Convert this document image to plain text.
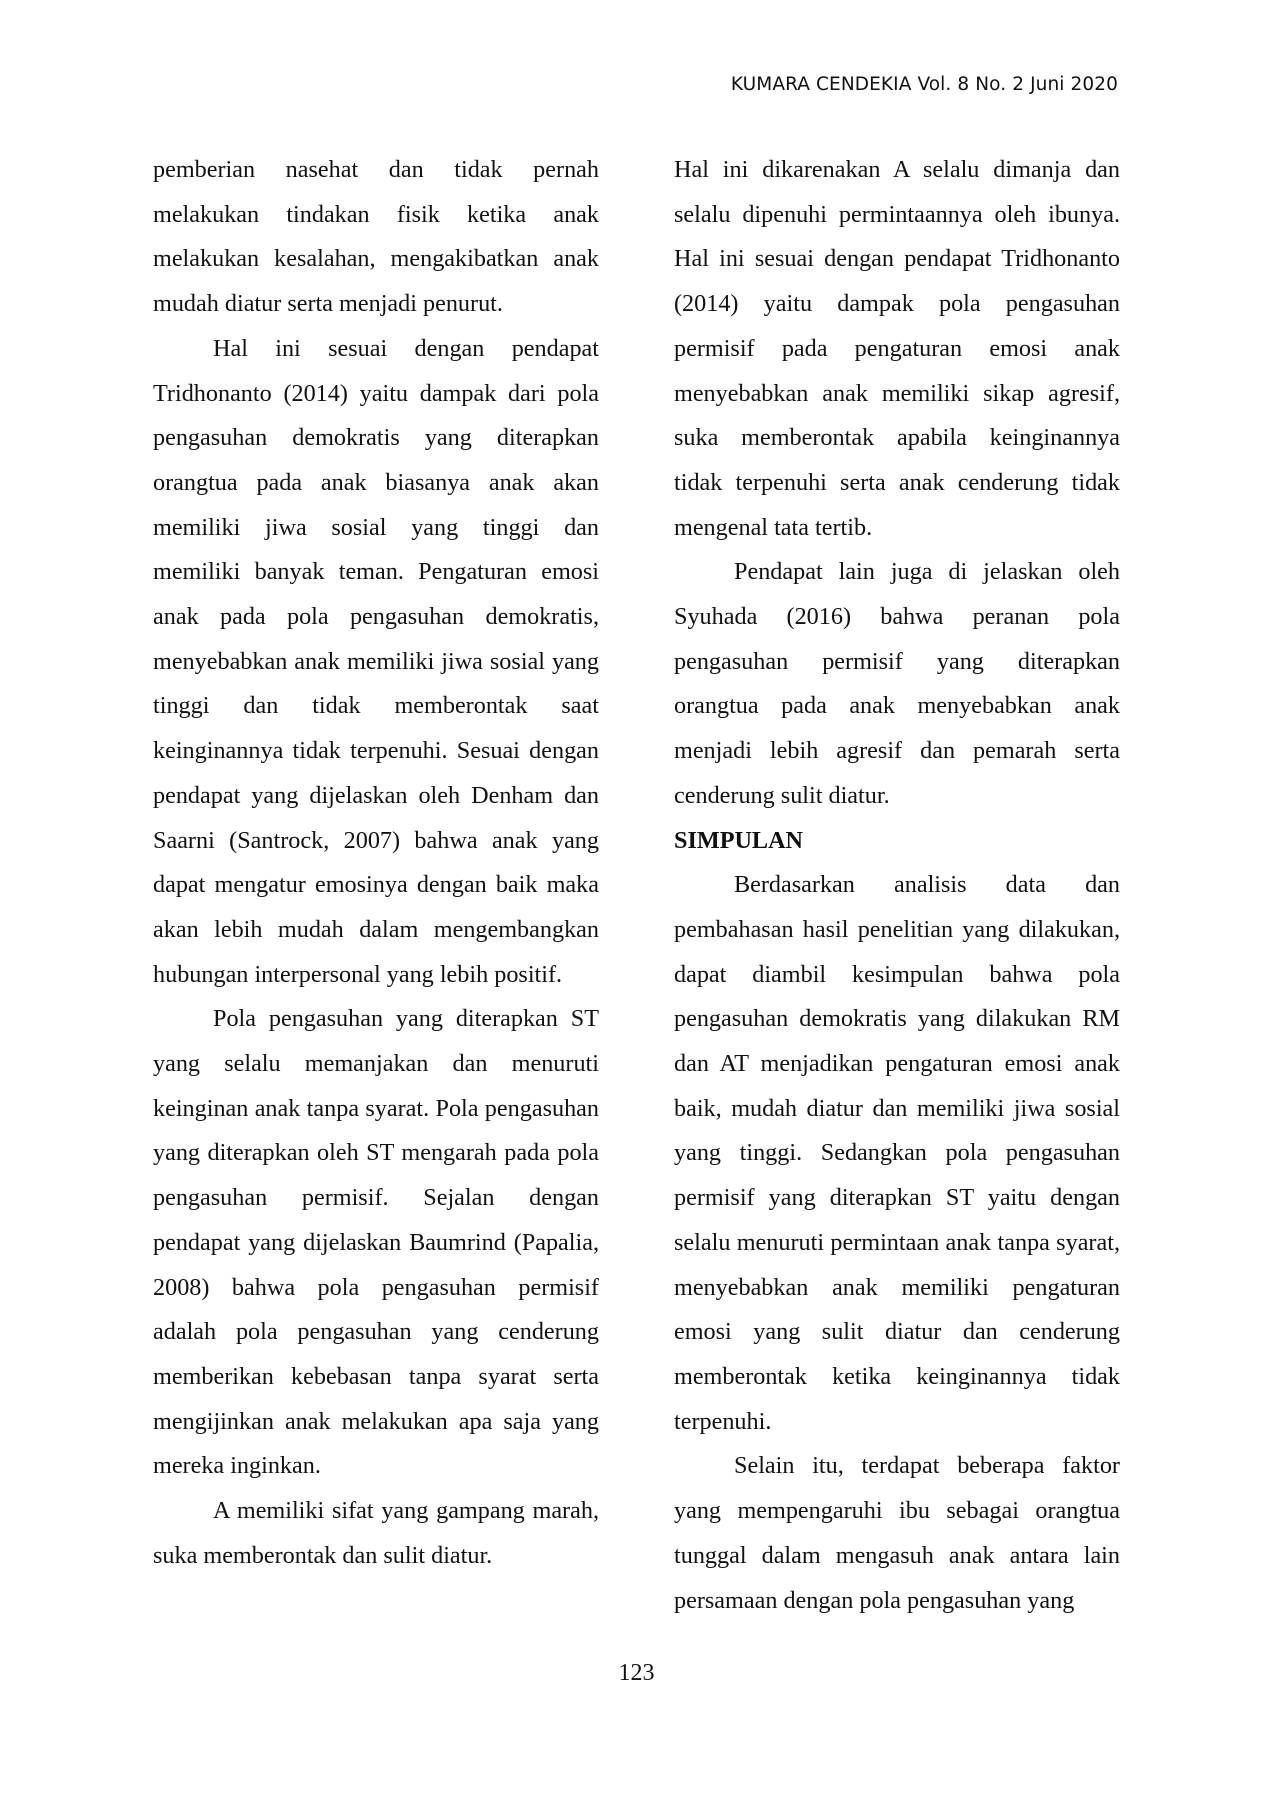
KUMARA CENDEKIA Vol. 8 No. 2 Juni 2020

pemberian nasehat dan tidak pernah melakukan tindakan fisik ketika anak melakukan kesalahan, mengakibatkan anak mudah diatur serta menjadi penurut.

Hal ini sesuai dengan pendapat Tridhonanto (2014) yaitu dampak dari pola pengasuhan demokratis yang diterapkan orangtua pada anak biasanya anak akan memiliki jiwa sosial yang tinggi dan memiliki banyak teman. Pengaturan emosi anak pada pola pengasuhan demokratis, menyebabkan anak memiliki jiwa sosial yang tinggi dan tidak memberontak saat keinginannya tidak terpenuhi. Sesuai dengan pendapat yang dijelaskan oleh Denham dan Saarni (Santrock, 2007) bahwa anak yang dapat mengatur emosinya dengan baik maka akan lebih mudah dalam mengembangkan hubungan interpersonal yang lebih positif.

Pola pengasuhan yang diterapkan ST yang selalu memanjakan dan menuruti keinginan anak tanpa syarat. Pola pengasuhan yang diterapkan oleh ST mengarah pada pola pengasuhan permisif. Sejalan dengan pendapat yang dijelaskan Baumrind (Papalia, 2008) bahwa pola pengasuhan permisif adalah pola pengasuhan yang cenderung memberikan kebebasan tanpa syarat serta mengijinkan anak melakukan apa saja yang mereka inginkan.

A memiliki sifat yang gampang marah, suka memberontak dan sulit diatur.

Hal ini dikarenakan A selalu dimanja dan selalu dipenuhi permintaannya oleh ibunya. Hal ini sesuai dengan pendapat Tridhonanto (2014) yaitu dampak pola pengasuhan permisif pada pengaturan emosi anak menyebabkan anak memiliki sikap agresif, suka memberontak apabila keinginannya tidak terpenuhi serta anak cenderung tidak mengenal tata tertib.

Pendapat lain juga di jelaskan oleh Syuhada (2016) bahwa peranan pola pengasuhan permisif yang diterapkan orangtua pada anak menyebabkan anak menjadi lebih agresif dan pemarah serta cenderung sulit diatur.

SIMPULAN

Berdasarkan analisis data dan pembahasan hasil penelitian yang dilakukan, dapat diambil kesimpulan bahwa pola pengasuhan demokratis yang dilakukan RM dan AT menjadikan pengaturan emosi anak baik, mudah diatur dan memiliki jiwa sosial yang tinggi. Sedangkan pola pengasuhan permisif yang diterapkan ST yaitu dengan selalu menuruti permintaan anak tanpa syarat, menyebabkan anak memiliki pengaturan emosi yang sulit diatur dan cenderung memberontak ketika keinginannya tidak terpenuhi.

Selain itu, terdapat beberapa faktor yang mempengaruhi ibu sebagai orangtua tunggal dalam mengasuh anak antara lain persamaan dengan pola pengasuhan yang

123
